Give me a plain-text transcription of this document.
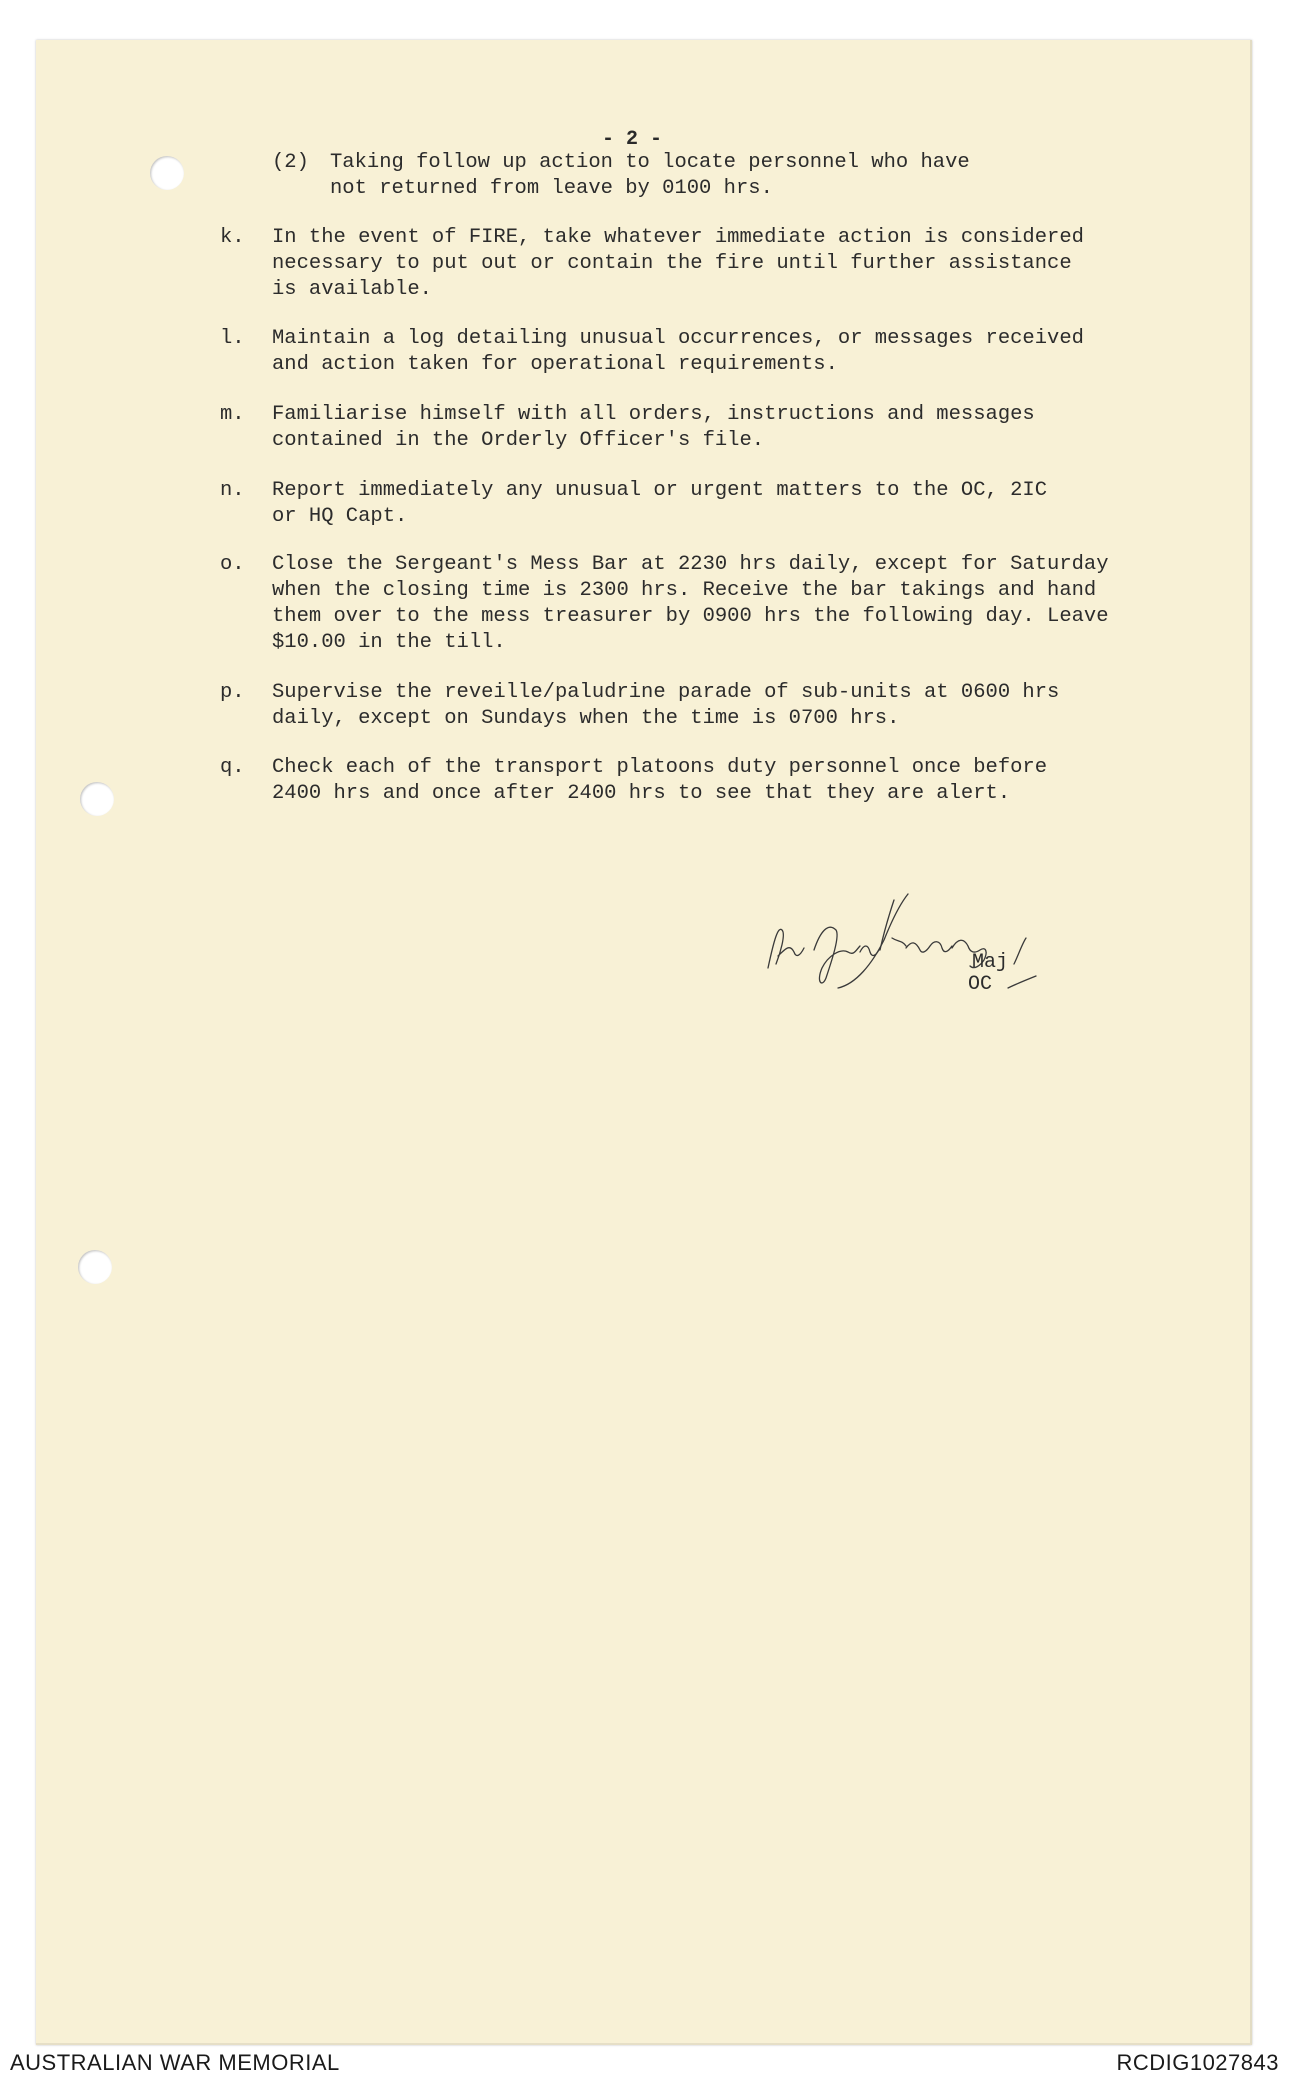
- 2 -
(2) Taking follow up action to locate personnel who have
not returned from leave by 0100 hrs.
k. In the event of FIRE, take whatever immediate action is considered
necessary to put out or contain the fire until further assistance
is available.
l. Maintain a log detailing unusual occurrences, or messages received
and action taken for operational requirements.
m. Familiarise himself with all orders, instructions and messages
contained in the Orderly Officer's file.
n. Report immediately any unusual or urgent matters to the OC, 2IC
or HQ Capt.
o. Close the Sergeant's Mess Bar at 2230 hrs daily, except for Saturday
when the closing time is 2300 hrs. Receive the bar takings and hand
them over to the mess treasurer by 0900 hrs the following day. Leave
$10.00 in the till.
p. Supervise the reveille/paludrine parade of sub-units at 0600 hrs
daily, except on Sundays when the time is 0700 hrs.
q. Check each of the transport platoons duty personnel once before
2400 hrs and once after 2400 hrs to see that they are alert.
Maj
OC
AUSTRALIAN WAR MEMORIAL	RCDIG1027843
